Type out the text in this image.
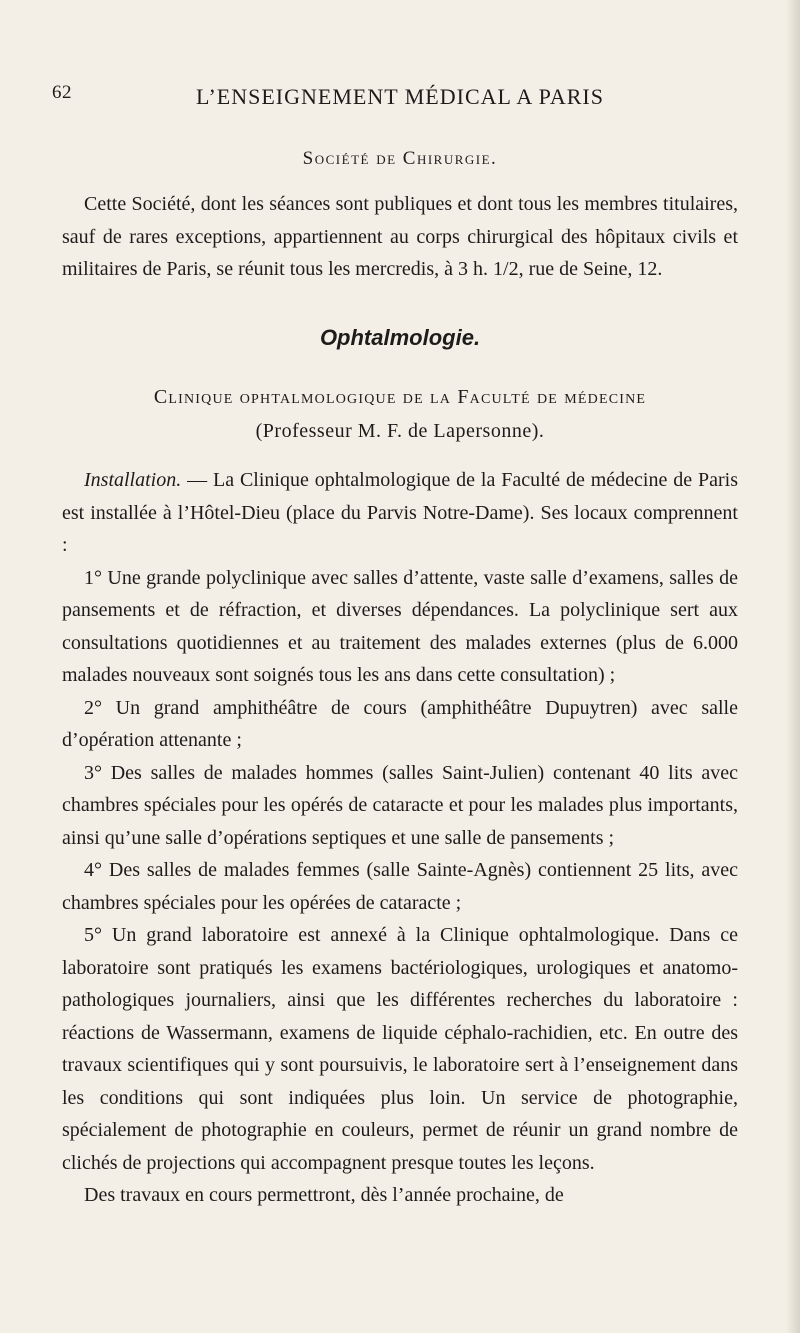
62	L’ENSEIGNEMENT MÉDICAL A PARIS
Société de Chirurgie.

Cette Société, dont les séances sont publiques et dont tous les membres titulaires, sauf de rares exceptions, appartiennent au corps chirurgical des hôpitaux civils et militaires de Paris, se réunit tous les mercredis, à 3 h. 1/2, rue de Seine, 12.

Ophtalmologie.
Clinique ophtalmologique de la Faculté de médecine
(Professeur M. F. de Lapersonne).

Installation. — La Clinique ophtalmologique de la Faculté de médecine de Paris est installée à l’Hôtel-Dieu (place du Parvis Notre-Dame). Ses locaux comprennent :

1° Une grande polyclinique avec salles d’attente, vaste salle d’examens, salles de pansements et de réfraction, et diverses dépendances. La polyclinique sert aux consultations quotidiennes et au traitement des malades externes (plus de 6.000 malades nouveaux sont soignés tous les ans dans cette consultation) ;

2° Un grand amphithéâtre de cours (amphithéâtre Dupuytren) avec salle d’opération attenante ;

3° Des salles de malades hommes (salles Saint-Julien) contenant 40 lits avec chambres spéciales pour les opérés de cataracte et pour les malades plus importants, ainsi qu’une salle d’opérations septiques et une salle de pansements ;

4° Des salles de malades femmes (salle Sainte-Agnès) contiennent 25 lits, avec chambres spéciales pour les opérées de cataracte ;

5° Un grand laboratoire est annexé à la Clinique ophtalmologique. Dans ce laboratoire sont pratiqués les examens bactériologiques, urologiques et anatomo-pathologiques journaliers, ainsi que les différentes recherches du laboratoire : réactions de Wassermann, examens de liquide céphalo-rachidien, etc. En outre des travaux scientifiques qui y sont poursuivis, le laboratoire sert à l’enseignement dans les conditions qui sont indiquées plus loin. Un service de photographie, spécialement de photographie en couleurs, permet de réunir un grand nombre de clichés de projections qui accompagnent presque toutes les leçons.

Des travaux en cours permettront, dès l’année prochaine, de
